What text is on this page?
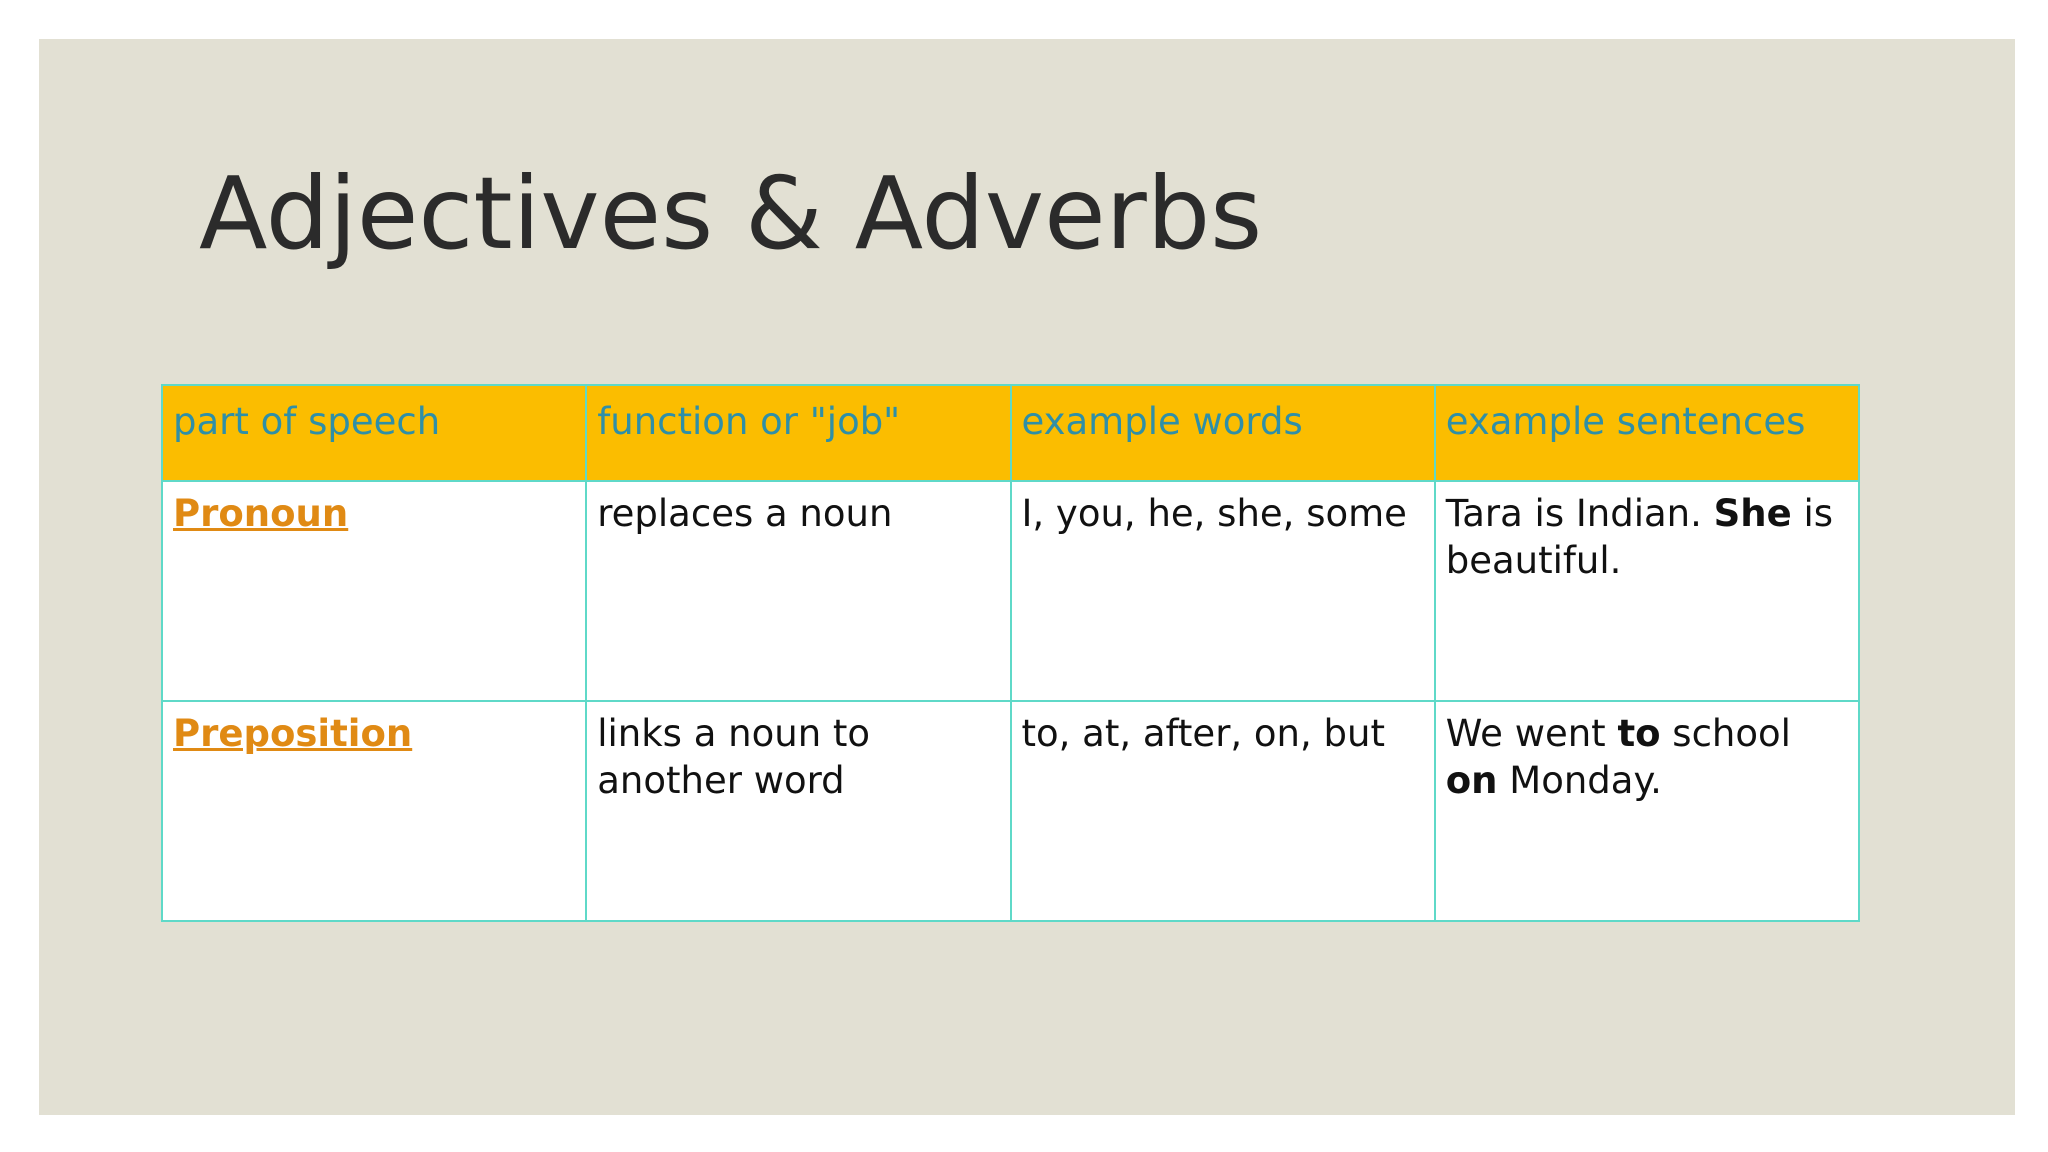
Adjectives & Adverbs
part of speech	function or "job"	example words	example sentences
Pronoun	replaces a noun	I, you, he, she, some	Tara is Indian. She is beautiful.
Preposition	links a noun to another word	to, at, after, on, but	We went to school on Monday.
